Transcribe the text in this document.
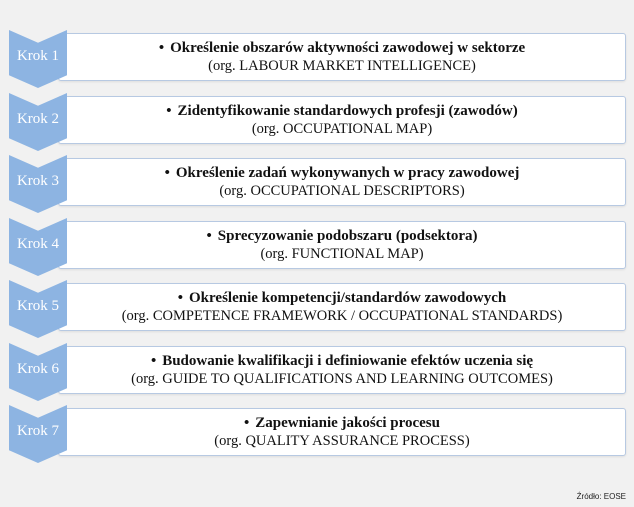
• Określenie obszarów aktywności zawodowej w sektorze
(org. LABOUR MARKET INTELLIGENCE)
Krok 1
• Zidentyfikowanie standardowych profesji (zawodów)
(org. OCCUPATIONAL MAP)
Krok 2
• Określenie zadań wykonywanych w pracy zawodowej
(org. OCCUPATIONAL DESCRIPTORS)
Krok 3
• Sprecyzowanie podobszaru (podsektora)
(org. FUNCTIONAL MAP)
Krok 4
• Określenie kompetencji/standardów zawodowych
(org. COMPETENCE FRAMEWORK / OCCUPATIONAL STANDARDS)
Krok 5
• Budowanie kwalifikacji i definiowanie efektów uczenia się
(org. GUIDE TO QUALIFICATIONS AND LEARNING OUTCOMES)
Krok 6
• Zapewnianie jakości procesu
(org. QUALITY ASSURANCE PROCESS)
Krok 7
Źródło: EOSE
